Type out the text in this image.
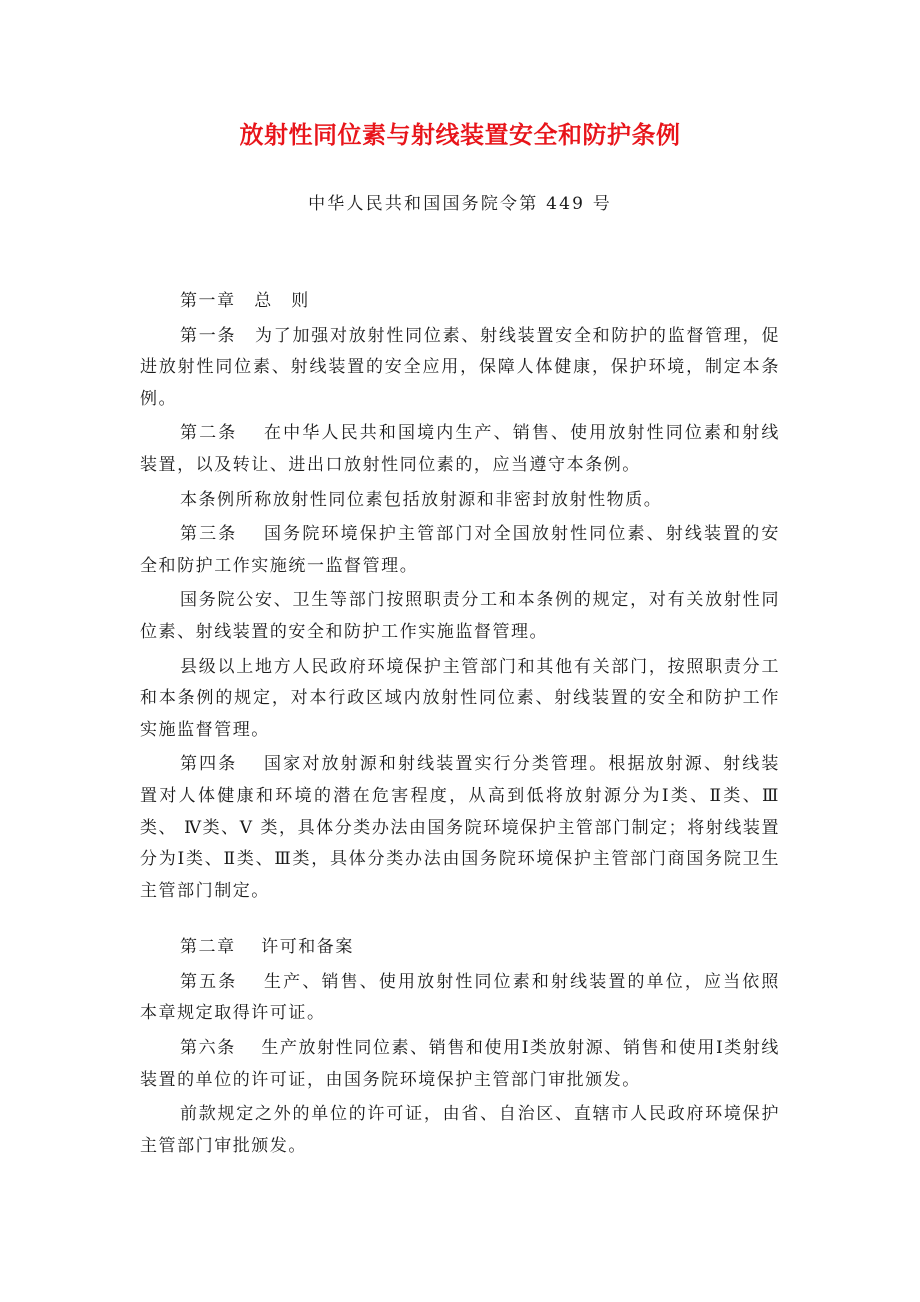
放射性同位素与射线装置安全和防护条例

中华人民共和国国务院令第 449 号

第一章　总　则

第一条　为了加强对放射性同位素、射线装置安全和防护的监督管理，促进放射性同位素、射线装置的安全应用，保障人体健康，保护环境，制定本条例。

第二条　 在中华人民共和国境内生产、销售、使用放射性同位素和射线装置，以及转让、进出口放射性同位素的，应当遵守本条例。

本条例所称放射性同位素包括放射源和非密封放射性物质。

第三条　 国务院环境保护主管部门对全国放射性同位素、射线装置的安全和防护工作实施统一监督管理。

国务院公安、卫生等部门按照职责分工和本条例的规定，对有关放射性同位素、射线装置的安全和防护工作实施监督管理。

县级以上地方人民政府环境保护主管部门和其他有关部门，按照职责分工和本条例的规定，对本行政区域内放射性同位素、射线装置的安全和防护工作实施监督管理。

第四条　 国家对放射源和射线装置实行分类管理。根据放射源、射线装置对人体健康和环境的潜在危害程度，从高到低将放射源分为Ⅰ类、Ⅱ类、Ⅲ类、 Ⅳ类、Ⅴ 类，具体分类办法由国务院环境保护主管部门制定；将射线装置分为Ⅰ类、Ⅱ类、Ⅲ类，具体分类办法由国务院环境保护主管部门商国务院卫生主管部门制定。

第二章　 许可和备案

第五条　 生产、销售、使用放射性同位素和射线装置的单位，应当依照本章规定取得许可证。

第六条　 生产放射性同位素、销售和使用Ⅰ类放射源、销售和使用Ⅰ类射线装置的单位的许可证，由国务院环境保护主管部门审批颁发。

前款规定之外的单位的许可证，由省、自治区、直辖市人民政府环境保护主管部门审批颁发。
